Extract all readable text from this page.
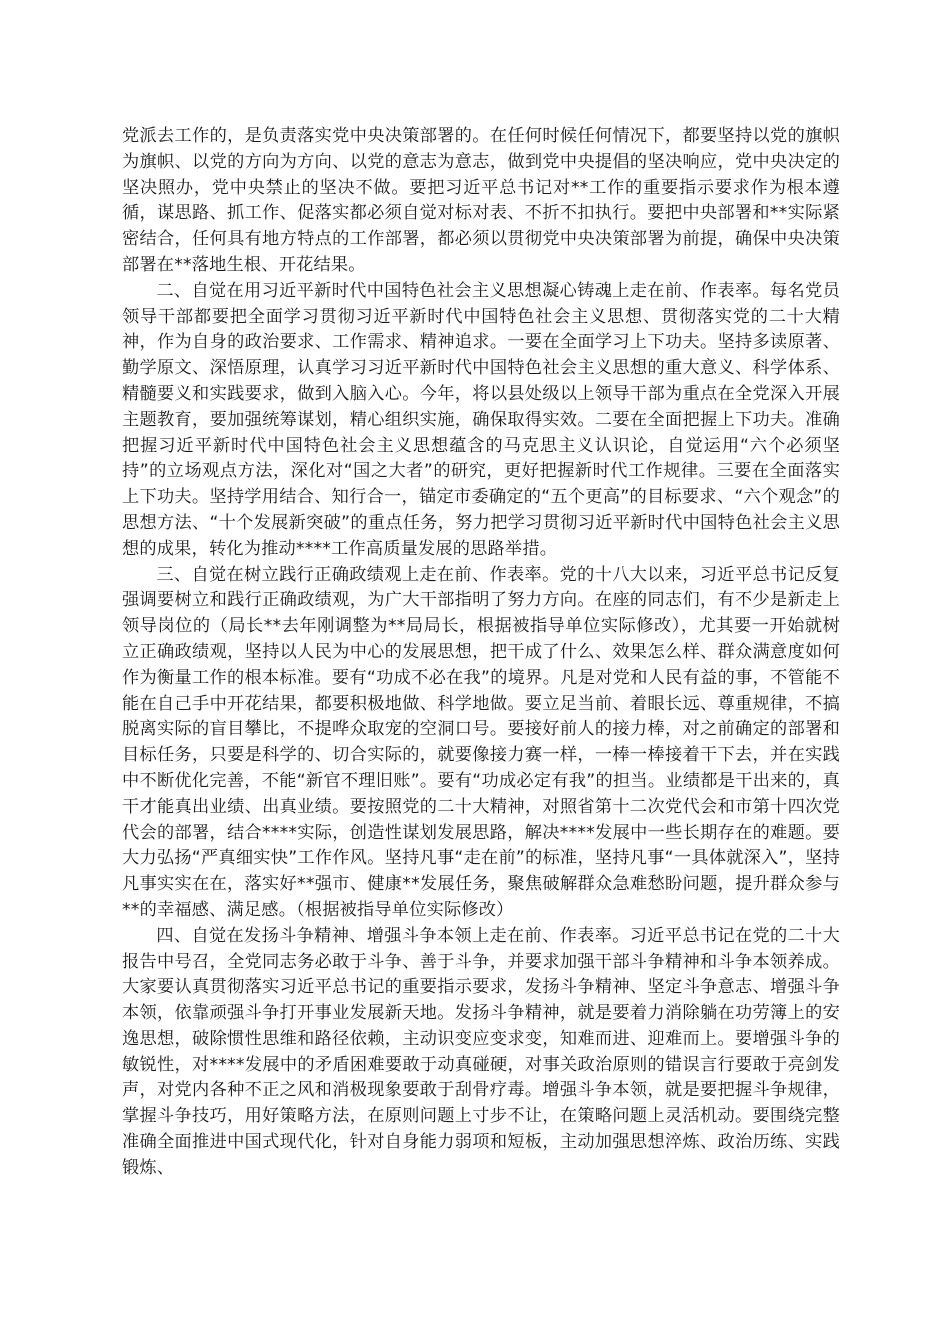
党派去工作的，是负责落实党中央决策部署的。在任何时候任何情况下，都要坚持以党的旗帜为旗帜、以党的方向为方向、以党的意志为意志，做到党中央提倡的坚决响应，党中央决定的坚决照办，党中央禁止的坚决不做。要把习近平总书记对**工作的重要指示要求作为根本遵循，谋思路、抓工作、促落实都必须自觉对标对表、不折不扣执行。要把中央部署和**实际紧密结合，任何具有地方特点的工作部署，都必须以贯彻党中央决策部署为前提，确保中央决策部署在**落地生根、开花结果。

二、自觉在用习近平新时代中国特色社会主义思想凝心铸魂上走在前、作表率。每名党员领导干部都要把全面学习贯彻习近平新时代中国特色社会主义思想、贯彻落实党的二十大精神，作为自身的政治要求、工作需求、精神追求。一要在全面学习上下功夫。坚持多读原著、勤学原文、深悟原理，认真学习习近平新时代中国特色社会主义思想的重大意义、科学体系、精髓要义和实践要求，做到入脑入心。今年，将以县处级以上领导干部为重点在全党深入开展主题教育，要加强统筹谋划，精心组织实施，确保取得实效。二要在全面把握上下功夫。准确把握习近平新时代中国特色社会主义思想蕴含的马克思主义认识论，自觉运用“六个必须坚持”的立场观点方法，深化对“国之大者”的研究，更好把握新时代工作规律。三要在全面落实上下功夫。坚持学用结合、知行合一，锚定市委确定的“五个更高”的目标要求、“六个观念”的思想方法、“十个发展新突破”的重点任务，努力把学习贯彻习近平新时代中国特色社会主义思想的成果，转化为推动****工作高质量发展的思路举措。

三、自觉在树立践行正确政绩观上走在前、作表率。党的十八大以来，习近平总书记反复强调要树立和践行正确政绩观，为广大干部指明了努力方向。在座的同志们，有不少是新走上领导岗位的（局长**去年刚调整为**局局长，根据被指导单位实际修改），尤其要一开始就树立正确政绩观，坚持以人民为中心的发展思想，把干成了什么、效果怎么样、群众满意度如何作为衡量工作的根本标准。要有“功成不必在我”的境界。凡是对党和人民有益的事，不管能不能在自己手中开花结果，都要积极地做、科学地做。要立足当前、着眼长远、尊重规律，不搞脱离实际的盲目攀比，不提哗众取宠的空洞口号。要接好前人的接力棒，对之前确定的部署和目标任务，只要是科学的、切合实际的，就要像接力赛一样，一棒一棒接着干下去，并在实践中不断优化完善，不能“新官不理旧账”。要有“功成必定有我”的担当。业绩都是干出来的，真干才能真出业绩、出真业绩。要按照党的二十大精神，对照省第十二次党代会和市第十四次党代会的部署，结合****实际，创造性谋划发展思路，解决****发展中一些长期存在的难题。要大力弘扬“严真细实快”工作作风。坚持凡事“走在前”的标准，坚持凡事“一具体就深入”，坚持凡事实实在在，落实好**强市、健康**发展任务，聚焦破解群众急难愁盼问题，提升群众参与**的幸福感、满足感。（根据被指导单位实际修改）

四、自觉在发扬斗争精神、增强斗争本领上走在前、作表率。习近平总书记在党的二十大报告中号召，全党同志务必敢于斗争、善于斗争，并要求加强干部斗争精神和斗争本领养成。大家要认真贯彻落实习近平总书记的重要指示要求，发扬斗争精神、坚定斗争意志、增强斗争本领，依靠顽强斗争打开事业发展新天地。发扬斗争精神，就是要着力消除躺在功劳簿上的安逸思想，破除惯性思维和路径依赖，主动识变应变求变，知难而进、迎难而上。要增强斗争的敏锐性，对****发展中的矛盾困难要敢于动真碰硬，对事关政治原则的错误言行要敢于亮剑发声，对党内各种不正之风和消极现象要敢于刮骨疗毒。增强斗争本领，就是要把握斗争规律，掌握斗争技巧，用好策略方法，在原则问题上寸步不让，在策略问题上灵活机动。要围绕完整准确全面推进中国式现代化，针对自身能力弱项和短板，主动加强思想淬炼、政治历练、实践锻炼、
